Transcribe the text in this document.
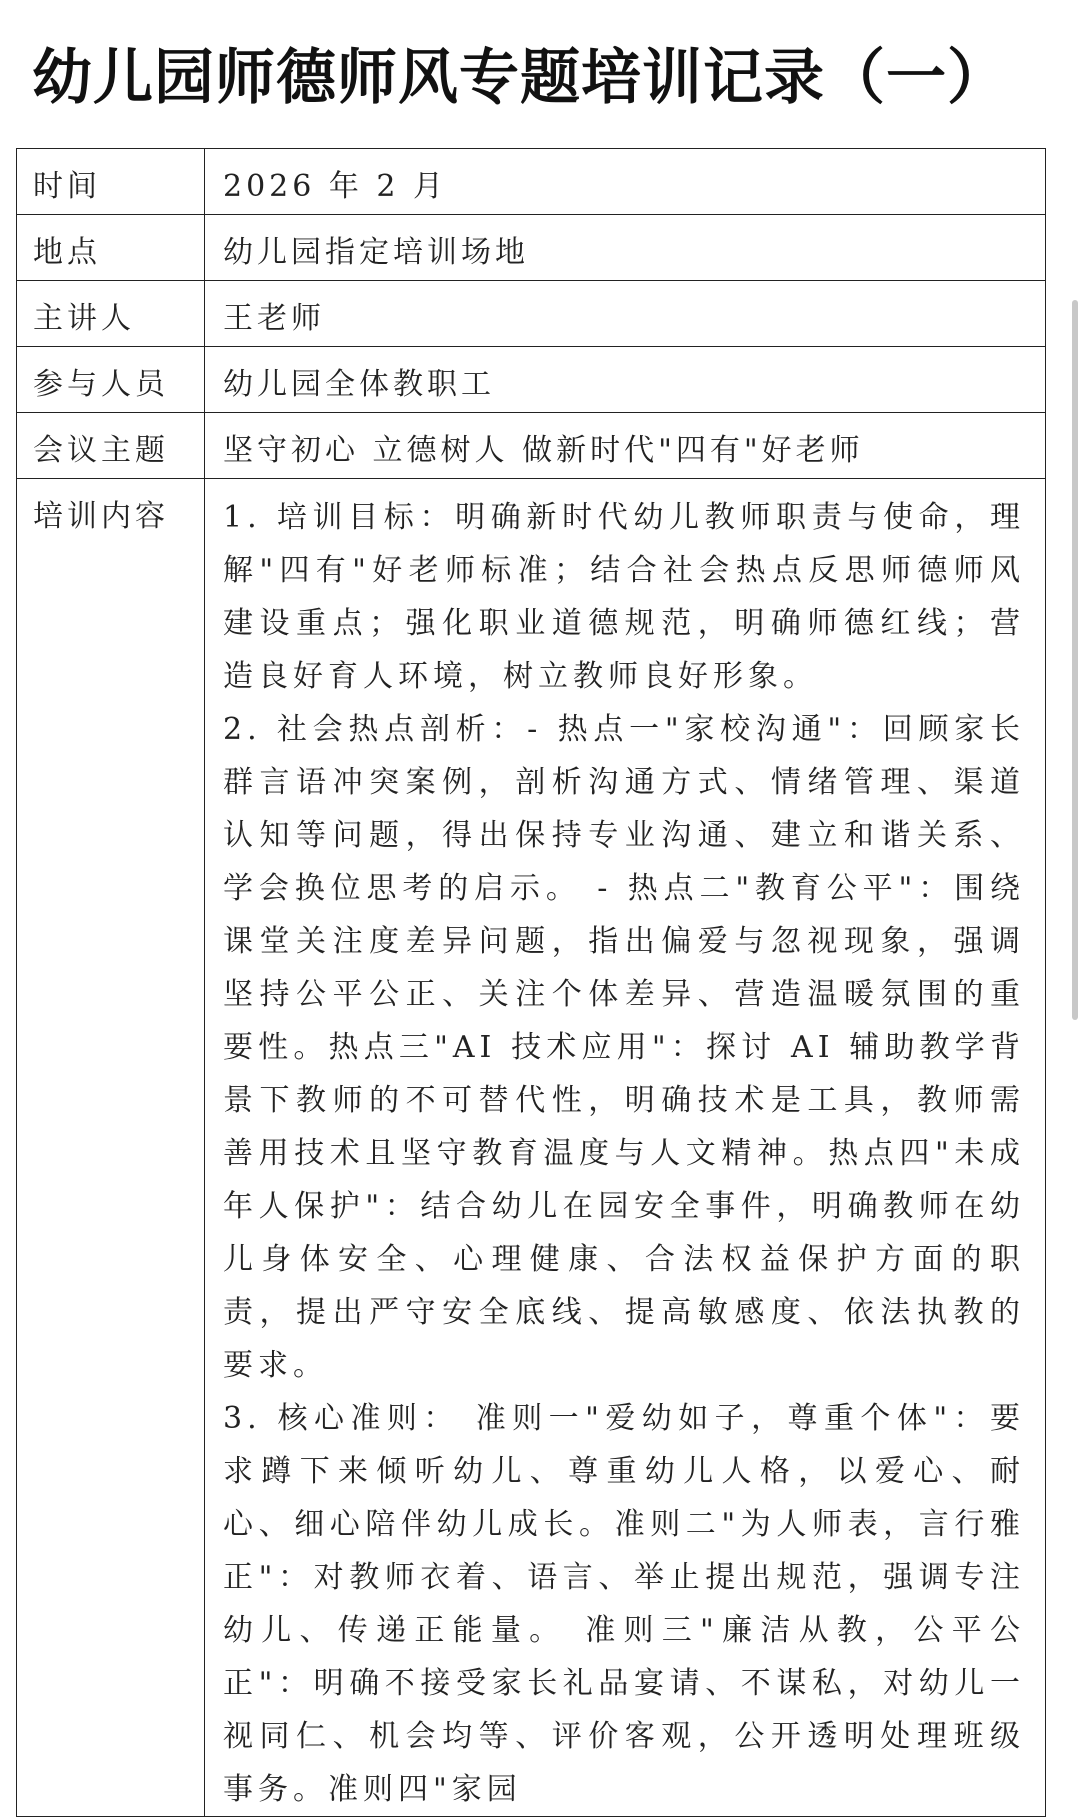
幼儿园师德师风专题培训记录（一）
时间	2026 年 2 月
地点	幼儿园指定培训场地
主讲人	王老师
参与人员	幼儿园全体教职工
会议主题	坚守初心 立德树人 做新时代"四有"好老师
培训内容	1. 培训目标：明确新时代幼儿教师职责与使命，理解"四有"好老师标准；结合社会热点反思师德师风建设重点；强化职业道德规范，明确师德红线；营造良好育人环境，树立教师良好形象。

2. 社会热点剖析：- 热点一"家校沟通"：回顾家长群言语冲突案例，剖析沟通方式、情绪管理、渠道认知等问题，得出保持专业沟通、建立和谐关系、学会换位思考的启示。 - 热点二"教育公平"：围绕课堂关注度差异问题，指出偏爱与忽视现象，强调坚持公平公正、关注个体差异、营造温暖氛围的重要性。热点三"AI 技术应用"：探讨 AI 辅助教学背景下教师的不可替代性，明确技术是工具，教师需善用技术且坚守教育温度与人文精神。热点四"未成年人保护"：结合幼儿在园安全事件，明确教师在幼儿身体安全、心理健康、合法权益保护方面的职责，提出严守安全底线、提高敏感度、依法执教的要求。

3. 核心准则： 准则一"爱幼如子，尊重个体"：要求蹲下来倾听幼儿、尊重幼儿人格，以爱心、耐心、细心陪伴幼儿成长。准则二"为人师表，言行雅正"：对教师衣着、语言、举止提出规范，强调专注幼儿、传递正能量。 准则三"廉洁从教，公平公正"：明确不接受家长礼品宴请、不谋私，对幼儿一视同仁、机会均等、评价客观，公开透明处理班级事务。准则四"家园
